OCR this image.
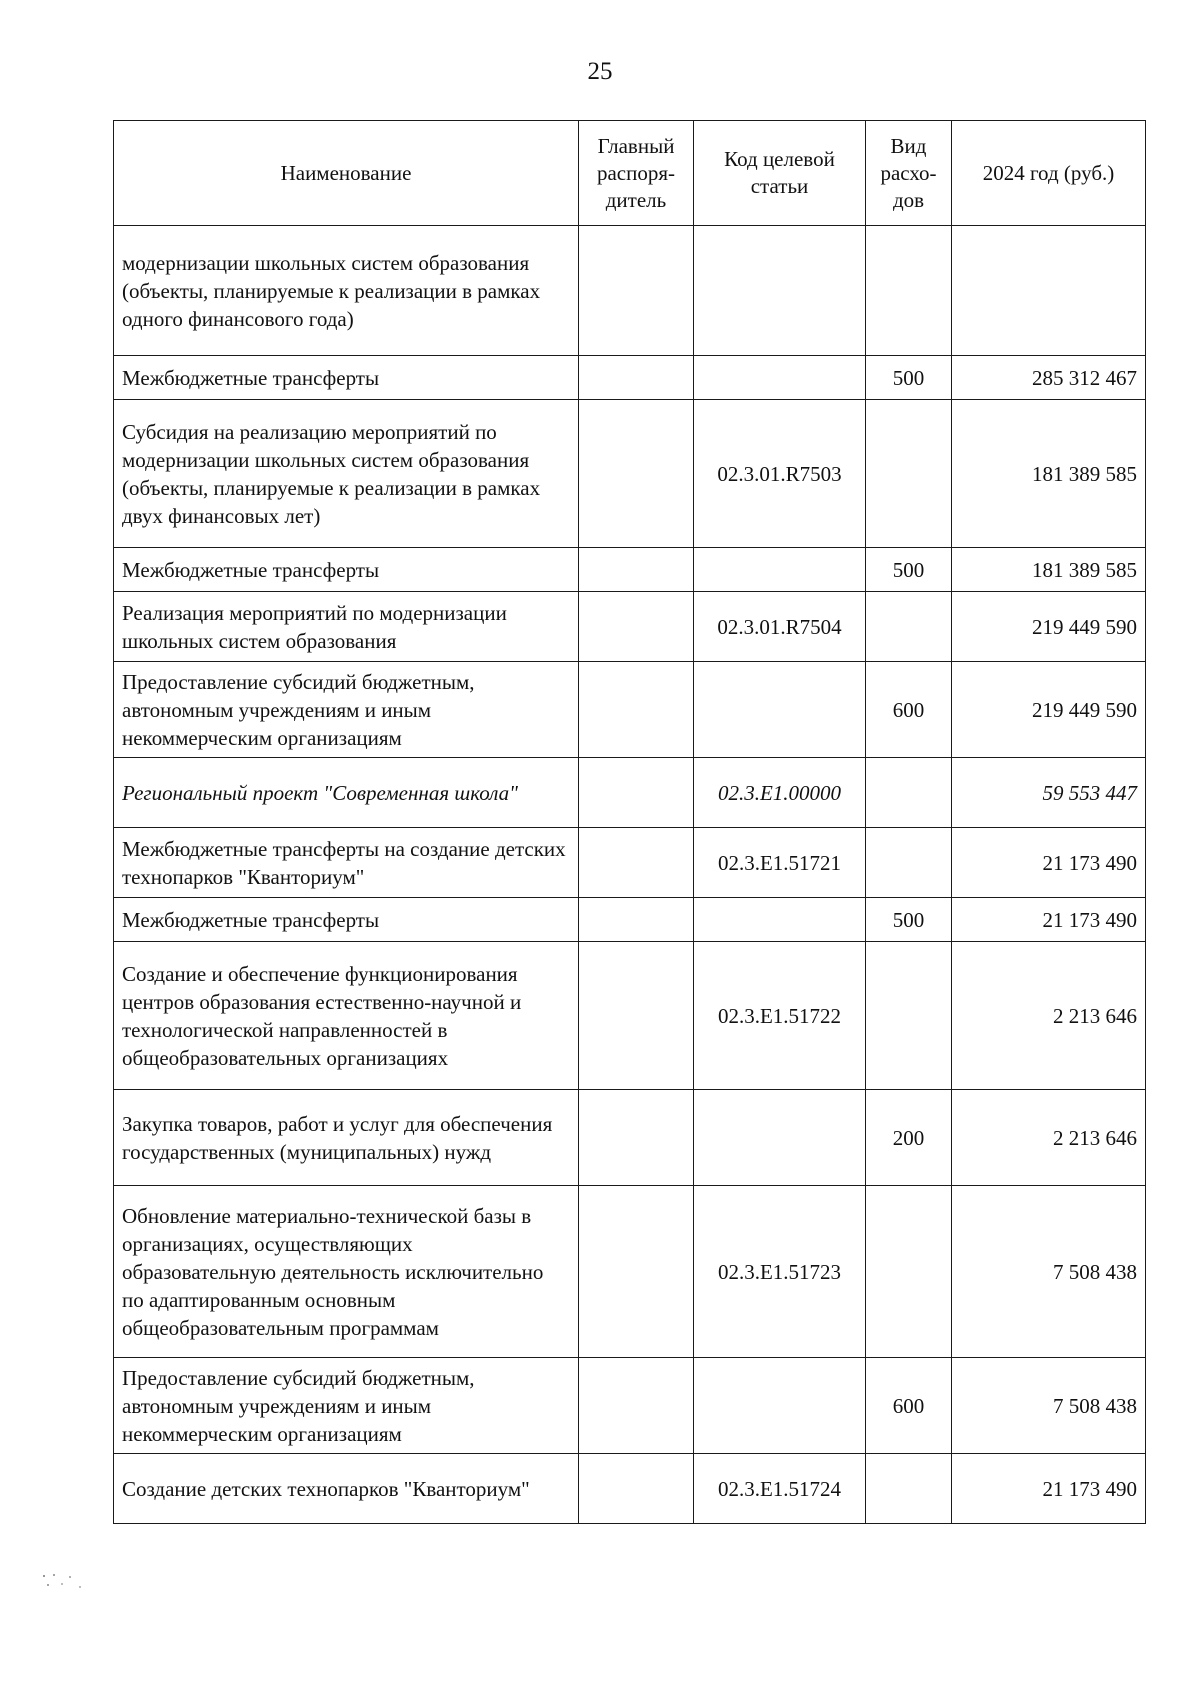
25
Наименование	Главный распоря- дитель	Код целевой статьи	Вид расхо- дов	2024 год (руб.)
модернизации школьных систем образования (объекты, планируемые к реализации в рамках одного финансового года)				
Межбюджетные трансферты			500	285 312 467
Субсидия на реализацию мероприятий по модернизации школьных систем образования (объекты, планируемые к реализации в рамках двух финансовых лет)		02.3.01.R7503		181 389 585
Межбюджетные трансферты			500	181 389 585
Реализация мероприятий по модернизации школьных систем образования		02.3.01.R7504		219 449 590
Предоставление субсидий бюджетным, автономным учреждениям и иным некоммерческим организациям			600	219 449 590
Региональный проект "Современная школа"		02.3.E1.00000		59 553 447
Межбюджетные трансферты на создание детских технопарков "Кванториум"		02.3.E1.51721		21 173 490
Межбюджетные трансферты			500	21 173 490
Создание и обеспечение функционирования центров образования естественно-научной и технологической направленностей в общеобразовательных организациях		02.3.E1.51722		2 213 646
Закупка товаров, работ и услуг для обеспечения государственных (муниципальных) нужд			200	2 213 646
Обновление материально-технической базы в организациях, осуществляющих образовательную деятельность исключительно по адаптированным основным общеобразовательным программам		02.3.E1.51723		7 508 438
Предоставление субсидий бюджетным, автономным учреждениям и иным некоммерческим организациям			600	7 508 438
Создание детских технопарков "Кванториум"		02.3.E1.51724		21 173 490
